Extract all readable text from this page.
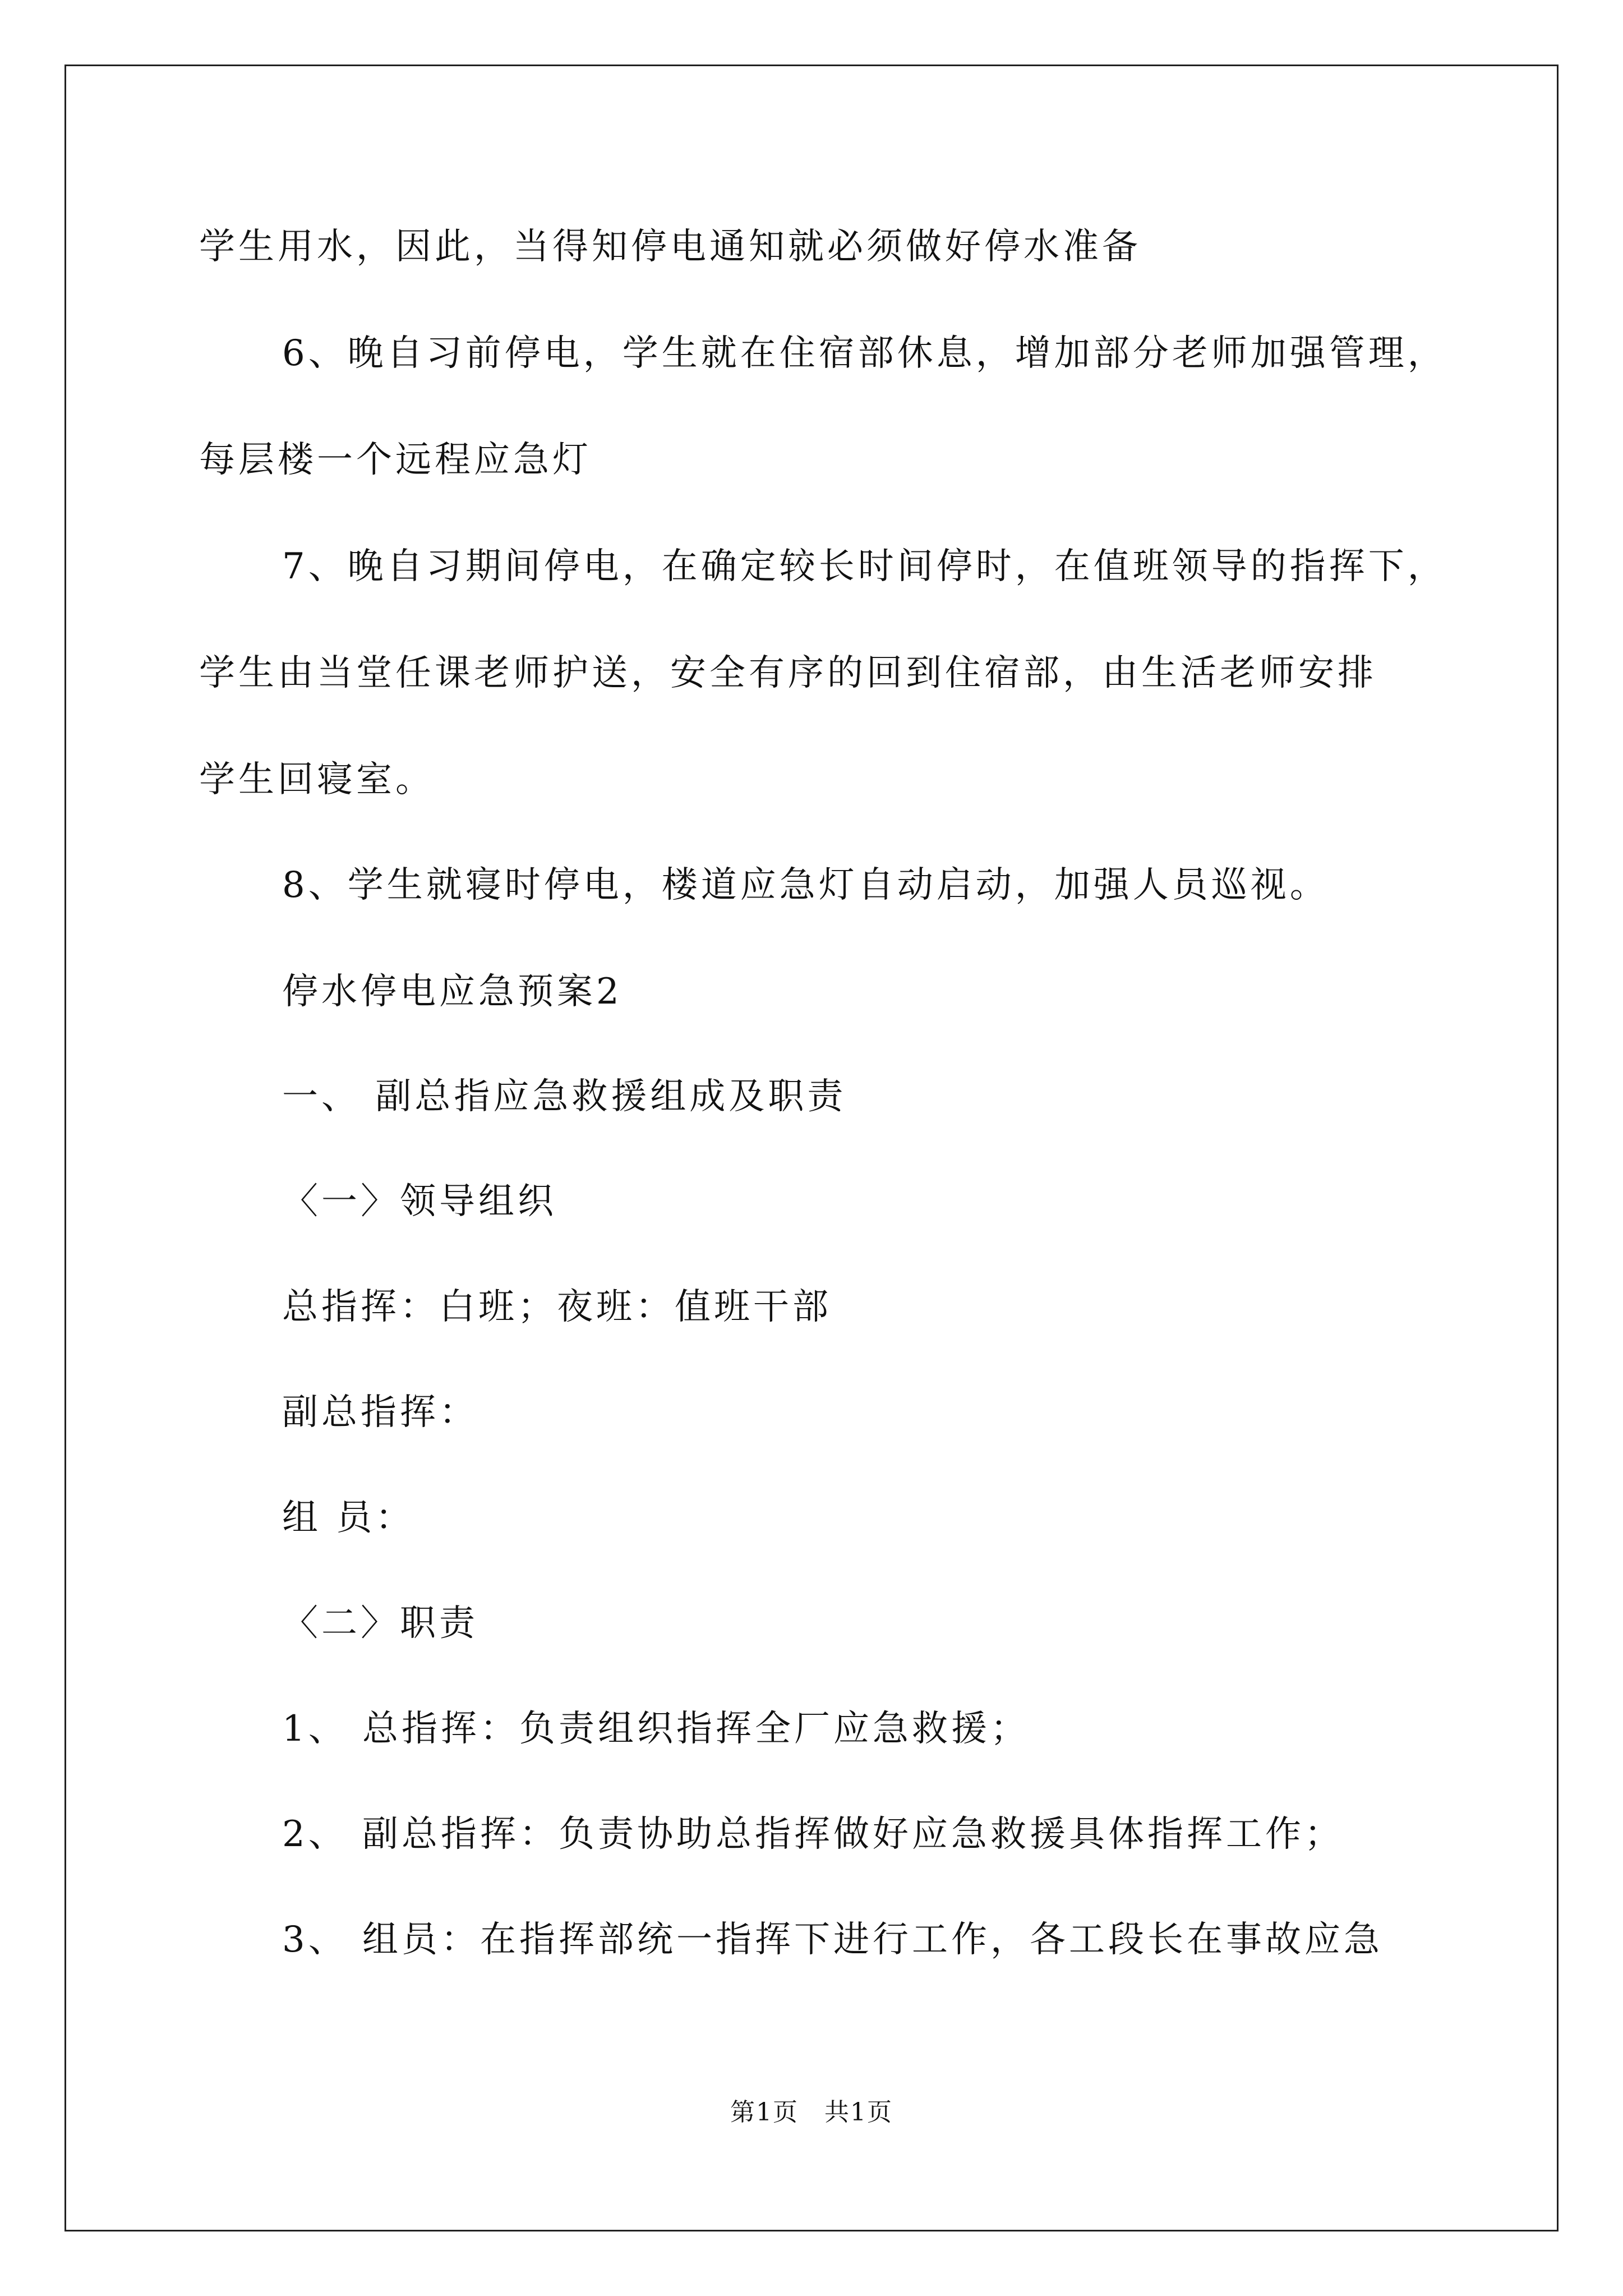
学生用水，因此，当得知停电通知就必须做好停水准备
6、晚自习前停电，学生就在住宿部休息，增加部分老师加强管理，
每层楼一个远程应急灯
7、晚自习期间停电，在确定较长时间停时，在值班领导的指挥下，
学生由当堂任课老师护送，安全有序的回到住宿部，由生活老师安排
学生回寝室。
8、学生就寝时停电，楼道应急灯自动启动，加强人员巡视。
停水停电应急预案2
一、 副总指应急救援组成及职责
〈一〉领导组织
总指挥：白班；夜班：值班干部
副总指挥：
组 员：
〈二〉职责
1、 总指挥：负责组织指挥全厂应急救援；
2、 副总指挥：负责协助总指挥做好应急救援具体指挥工作；
3、 组员：在指挥部统一指挥下进行工作，各工段长在事故应急
第1页　共1页
